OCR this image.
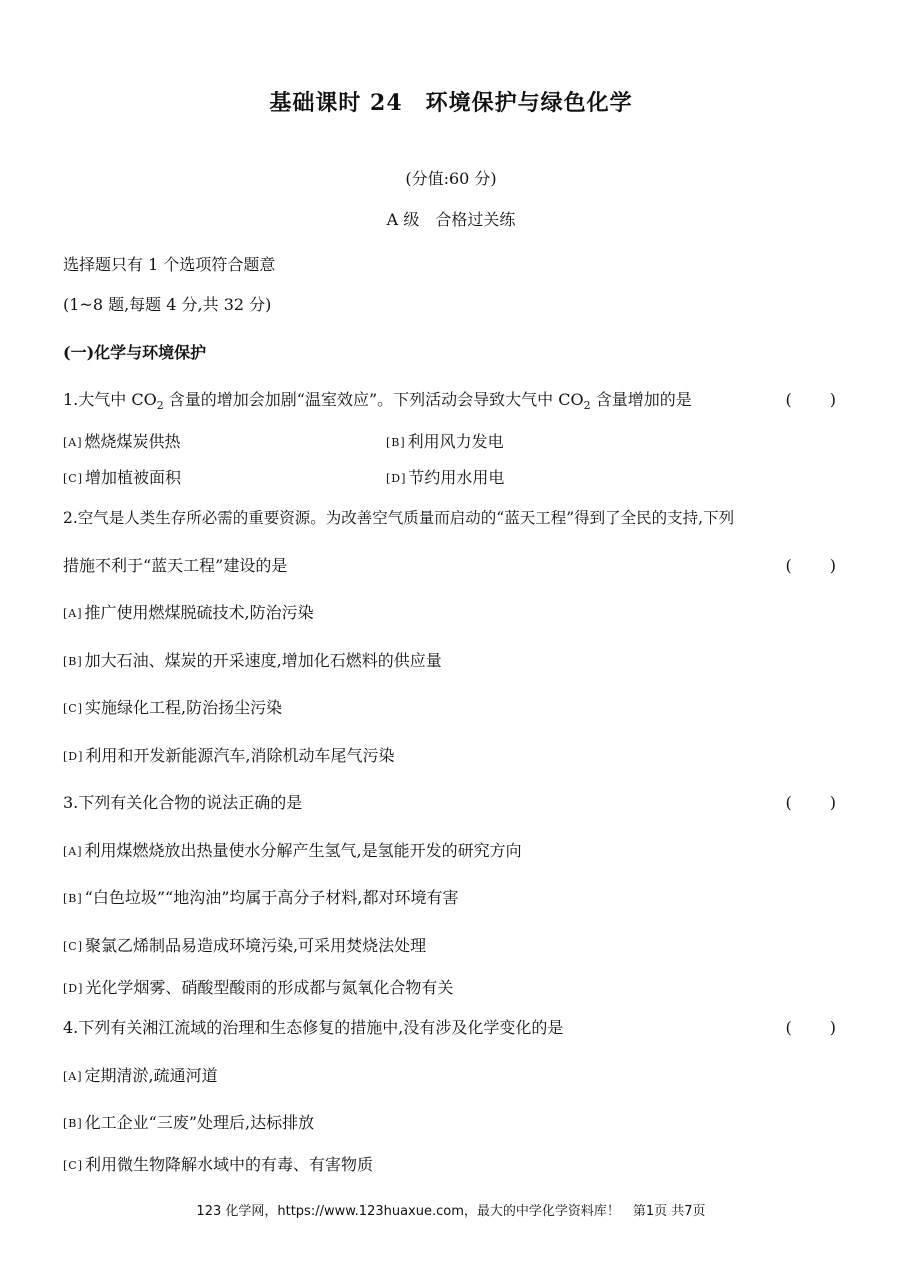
基础课时 24　环境保护与绿色化学
(分值:60 分)
A 级　合格过关练
选择题只有 1 个选项符合题意
(1~8 题,每题 4 分,共 32 分)
(一)化学与环境保护
1.大气中 $CO_2$ 含量的增加会加剧“温室效应”。下列活动会导致大气中 $CO_2$ 含量增加的是	(　　)
[A] 燃烧煤炭供热	[B] 利用风力发电
[C] 增加植被面积	[D] 节约用水用电
2.空气是人类生存所必需的重要资源。为改善空气质量而启动的“蓝天工程”得到了全民的支持,下列
措施不利于“蓝天工程”建设的是	(　　)
[A] 推广使用燃煤脱硫技术,防治污染
[B] 加大石油、煤炭的开采速度,增加化石燃料的供应量
[C] 实施绿化工程,防治扬尘污染
[D] 利用和开发新能源汽车,消除机动车尾气污染
3.下列有关化合物的说法正确的是	(　　)
[A] 利用煤燃烧放出热量使水分解产生氢气,是氢能开发的研究方向
[B] “白色垃圾”“地沟油”均属于高分子材料,都对环境有害
[C] 聚氯乙烯制品易造成环境污染,可采用焚烧法处理
[D] 光化学烟雾、硝酸型酸雨的形成都与氮氧化合物有关
4.下列有关湘江流域的治理和生态修复的措施中,没有涉及化学变化的是	(　　)
[A] 定期清淤,疏通河道
[B] 化工企业“三废”处理后,达标排放
[C] 利用微生物降解水域中的有毒、有害物质
123 化学网，https://www.123huaxue.com，最大的中学化学资料库！　第1页 共7页
